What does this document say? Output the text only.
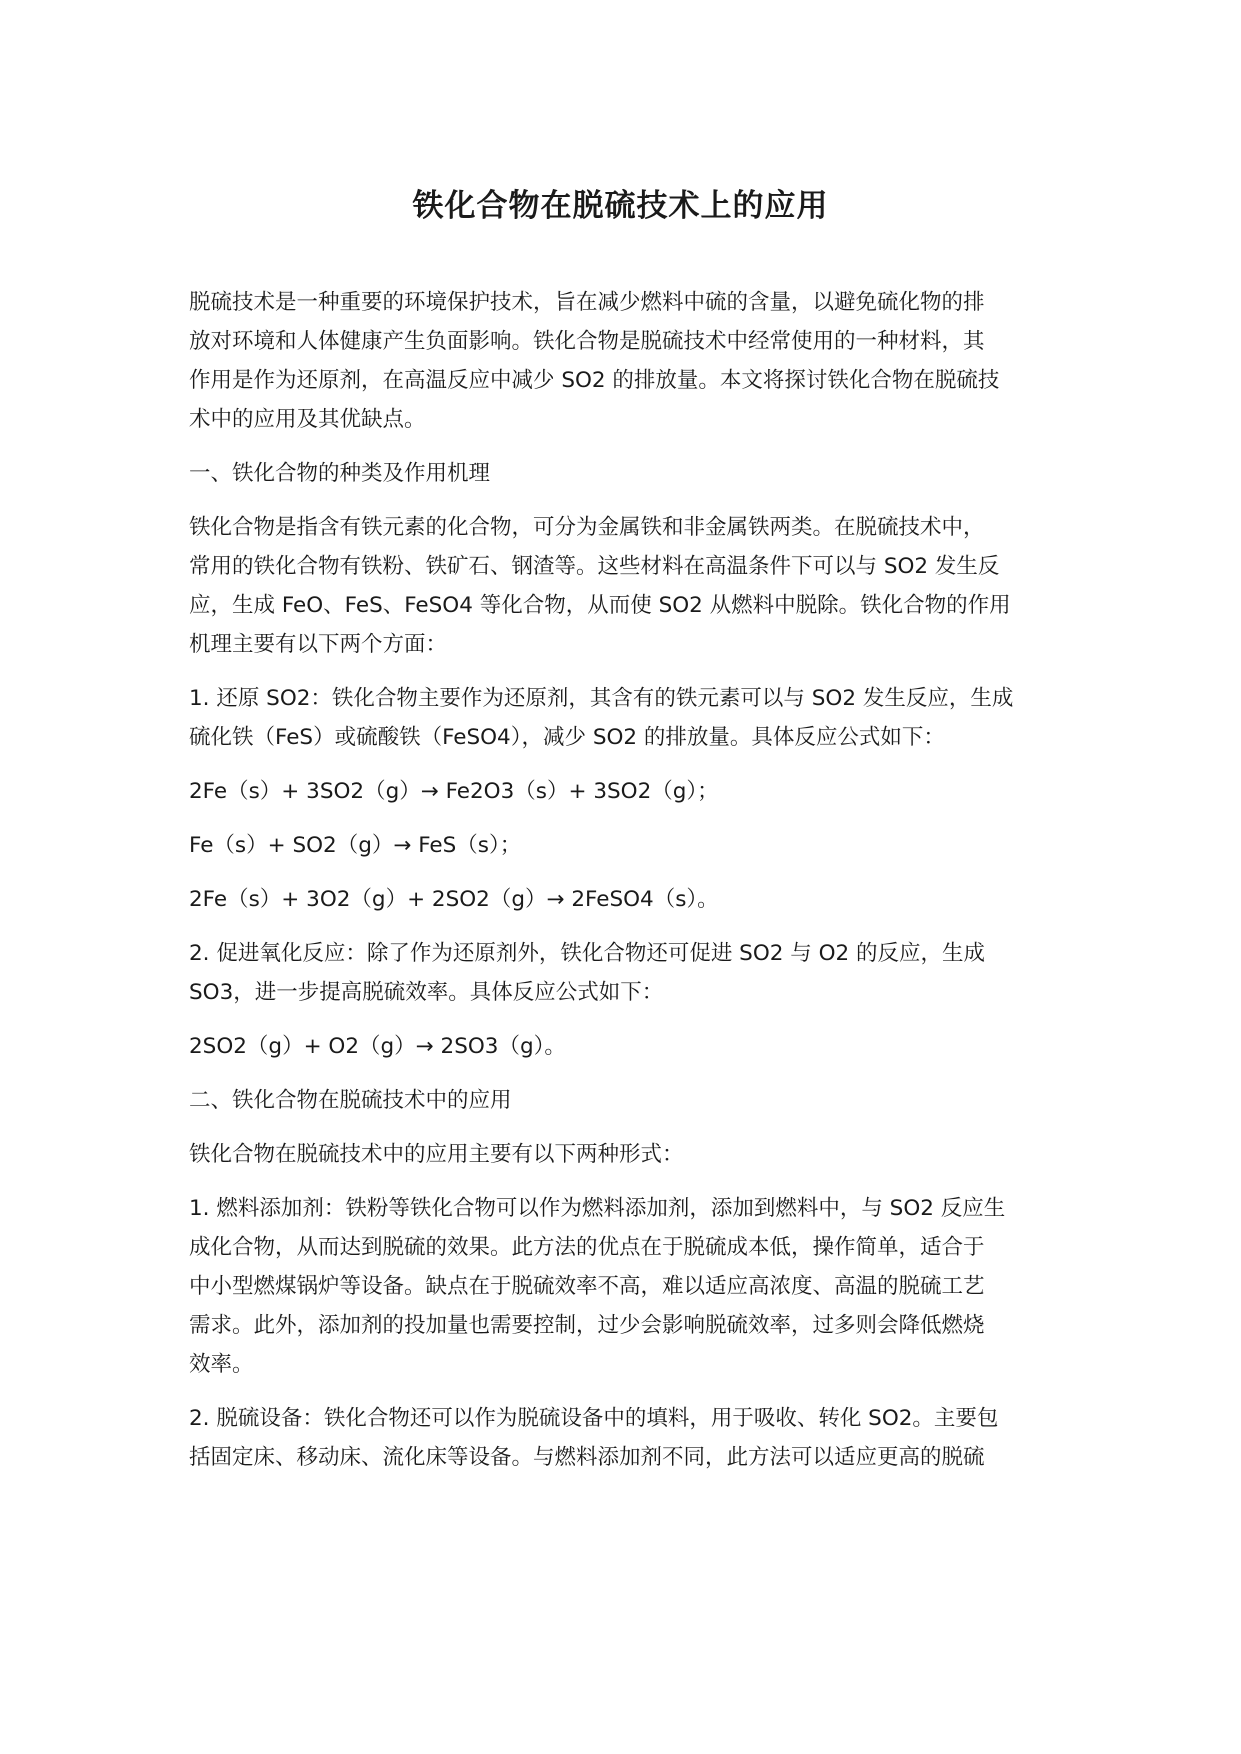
铁化合物在脱硫技术上的应用

脱硫技术是一种重要的环境保护技术，旨在减少燃料中硫的含量，以避免硫化物的排
放对环境和人体健康产生负面影响。铁化合物是脱硫技术中经常使用的一种材料，其
作用是作为还原剂，在高温反应中减少 SO2 的排放量。本文将探讨铁化合物在脱硫技
术中的应用及其优缺点。

一、铁化合物的种类及作用机理

铁化合物是指含有铁元素的化合物，可分为金属铁和非金属铁两类。在脱硫技术中，
常用的铁化合物有铁粉、铁矿石、钢渣等。这些材料在高温条件下可以与 SO2 发生反
应，生成 FeO、FeS、FeSO4 等化合物，从而使 SO2 从燃料中脱除。铁化合物的作用
机理主要有以下两个方面：

1. 还原 SO2：铁化合物主要作为还原剂，其含有的铁元素可以与 SO2 发生反应，生成
硫化铁（FeS）或硫酸铁（FeSO4），减少 SO2 的排放量。具体反应公式如下：

2Fe（s）+ 3SO2（g）→ Fe2O3（s）+ 3SO2（g）；

Fe（s）+ SO2（g）→ FeS（s）；

2Fe（s）+ 3O2（g）+ 2SO2（g）→ 2FeSO4（s）。

2. 促进氧化反应：除了作为还原剂外，铁化合物还可促进 SO2 与 O2 的反应，生成
SO3，进一步提高脱硫效率。具体反应公式如下：

2SO2（g）+ O2（g）→ 2SO3（g）。

二、铁化合物在脱硫技术中的应用

铁化合物在脱硫技术中的应用主要有以下两种形式：

1. 燃料添加剂：铁粉等铁化合物可以作为燃料添加剂，添加到燃料中，与 SO2 反应生
成化合物，从而达到脱硫的效果。此方法的优点在于脱硫成本低，操作简单，适合于
中小型燃煤锅炉等设备。缺点在于脱硫效率不高，难以适应高浓度、高温的脱硫工艺
需求。此外，添加剂的投加量也需要控制，过少会影响脱硫效率，过多则会降低燃烧
效率。

2. 脱硫设备：铁化合物还可以作为脱硫设备中的填料，用于吸收、转化 SO2。主要包
括固定床、移动床、流化床等设备。与燃料添加剂不同，此方法可以适应更高的脱硫
